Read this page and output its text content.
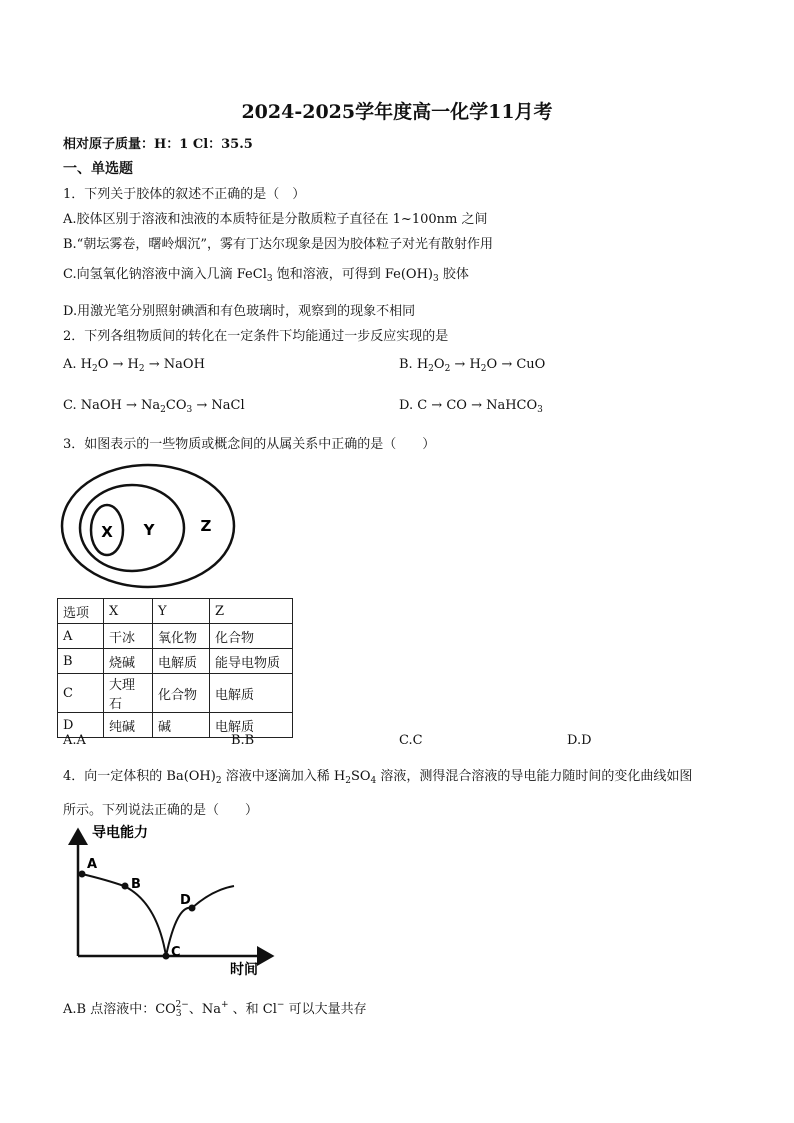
2024-2025学年度高一化学11月考
相对原子质量：H：1 Cl：35.5
一、单选题
1．下列关于胶体的叙述不正确的是（　）
A.胶体区别于溶液和浊液的本质特征是分散质粒子直径在 1~100nm 之间
B.“朝坛雾卷，曙岭烟沉”，雾有丁达尔现象是因为胶体粒子对光有散射作用
C.向氢氧化钠溶液中滴入几滴 FeCl$_3$ 饱和溶液，可得到 $Fe(OH)_3$ 胶体
D.用激光笔分别照射碘酒和有色玻璃时，观察到的现象不相同
2．下列各组物质间的转化在一定条件下均能通过一步反应实现的是
A. $H_2O \to H_2$ → NaOH	B. $H_2O_2 \to H_2O$ → CuO
C. NaOH → $Na_2CO_3$ → NaCl	D. C → CO → NaHCO$_3$
3．如图表示的一些物质或概念间的从属关系中正确的是（　　）
X Y	Z
选项	X	Y	Z
A	干冰	氧化物	化合物
B	烧碱	电解质	能导电物质
C	大理石	化合物	电解质
D	纯碱	碱	电解质
A.A	B.B	C.C	D.D
4．向一定体积的 $Ba(OH)_2$ 溶液中逐滴加入稀 $H_2SO_4$ 溶液，测得混合溶液的导电能力随时间的变化曲线如图
所示。下列说法正确的是（　　）
导电能力
时间
A
B
C
D
A.B 点溶液中：$CO_3^{2-}$、Na+ 、和 Cl− 可以大量共存
